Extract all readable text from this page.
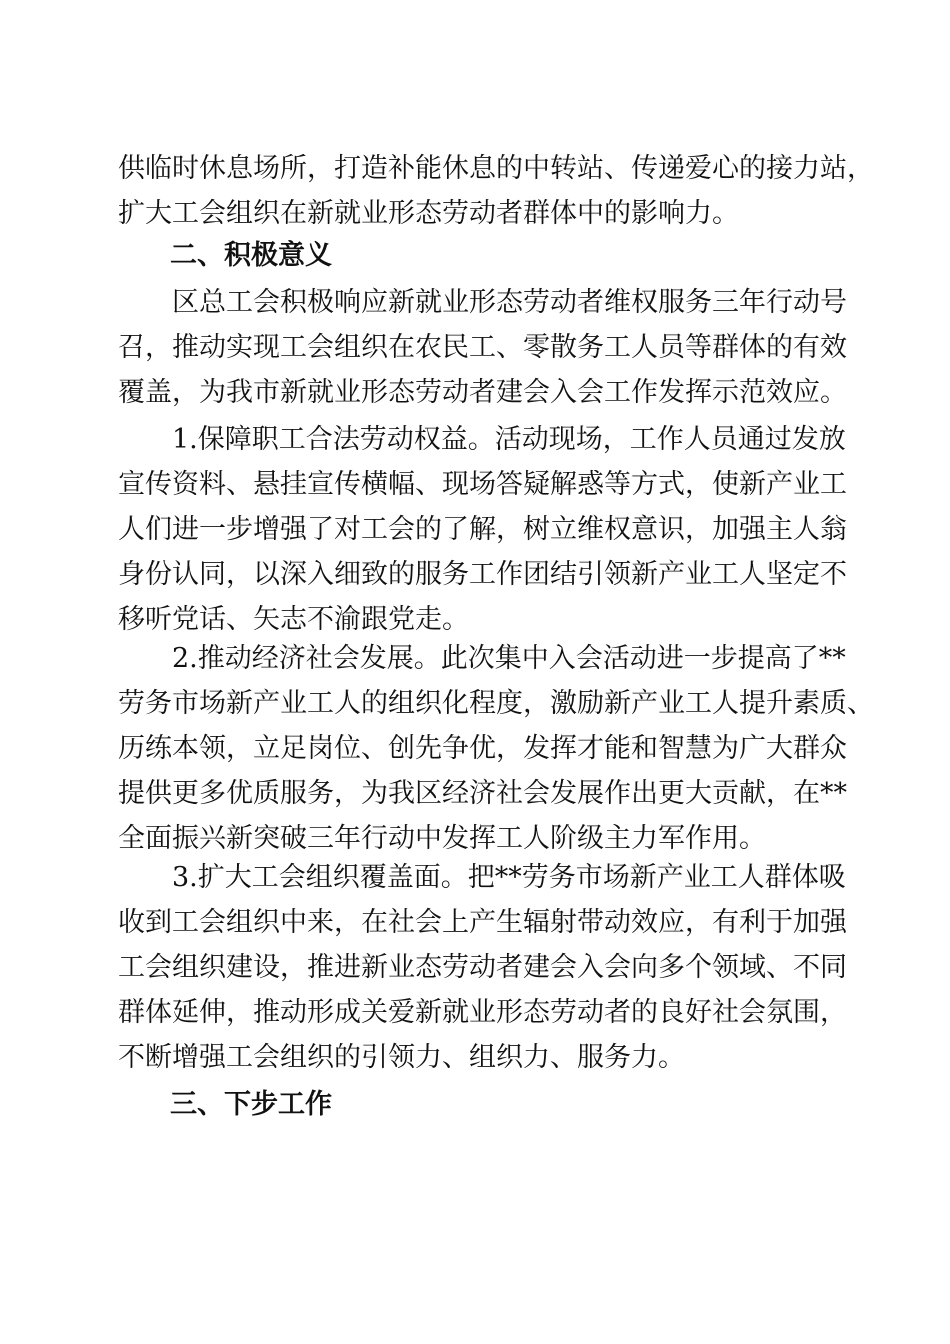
供临时休息场所，打造补能休息的中转站、传递爱心的接力站，
扩大工会组织在新就业形态劳动者群体中的影响力。
二、积极意义
　　区总工会积极响应新就业形态劳动者维权服务三年行动号
召，推动实现工会组织在农民工、零散务工人员等群体的有效
覆盖，为我市新就业形态劳动者建会入会工作发挥示范效应。
　　1.保障职工合法劳动权益。活动现场，工作人员通过发放
宣传资料、悬挂宣传横幅、现场答疑解惑等方式，使新产业工
人们进一步增强了对工会的了解，树立维权意识，加强主人翁
身份认同，以深入细致的服务工作团结引领新产业工人坚定不
移听党话、矢志不渝跟党走。
　　2.推动经济社会发展。此次集中入会活动进一步提高了**
劳务市场新产业工人的组织化程度，激励新产业工人提升素质、
历练本领，立足岗位、创先争优，发挥才能和智慧为广大群众
提供更多优质服务，为我区经济社会发展作出更大贡献，在**
全面振兴新突破三年行动中发挥工人阶级主力军作用。
　　3.扩大工会组织覆盖面。把**劳务市场新产业工人群体吸
收到工会组织中来，在社会上产生辐射带动效应，有利于加强
工会组织建设，推进新业态劳动者建会入会向多个领域、不同
群体延伸，推动形成关爱新就业形态劳动者的良好社会氛围，
不断增强工会组织的引领力、组织力、服务力。
三、下步工作
